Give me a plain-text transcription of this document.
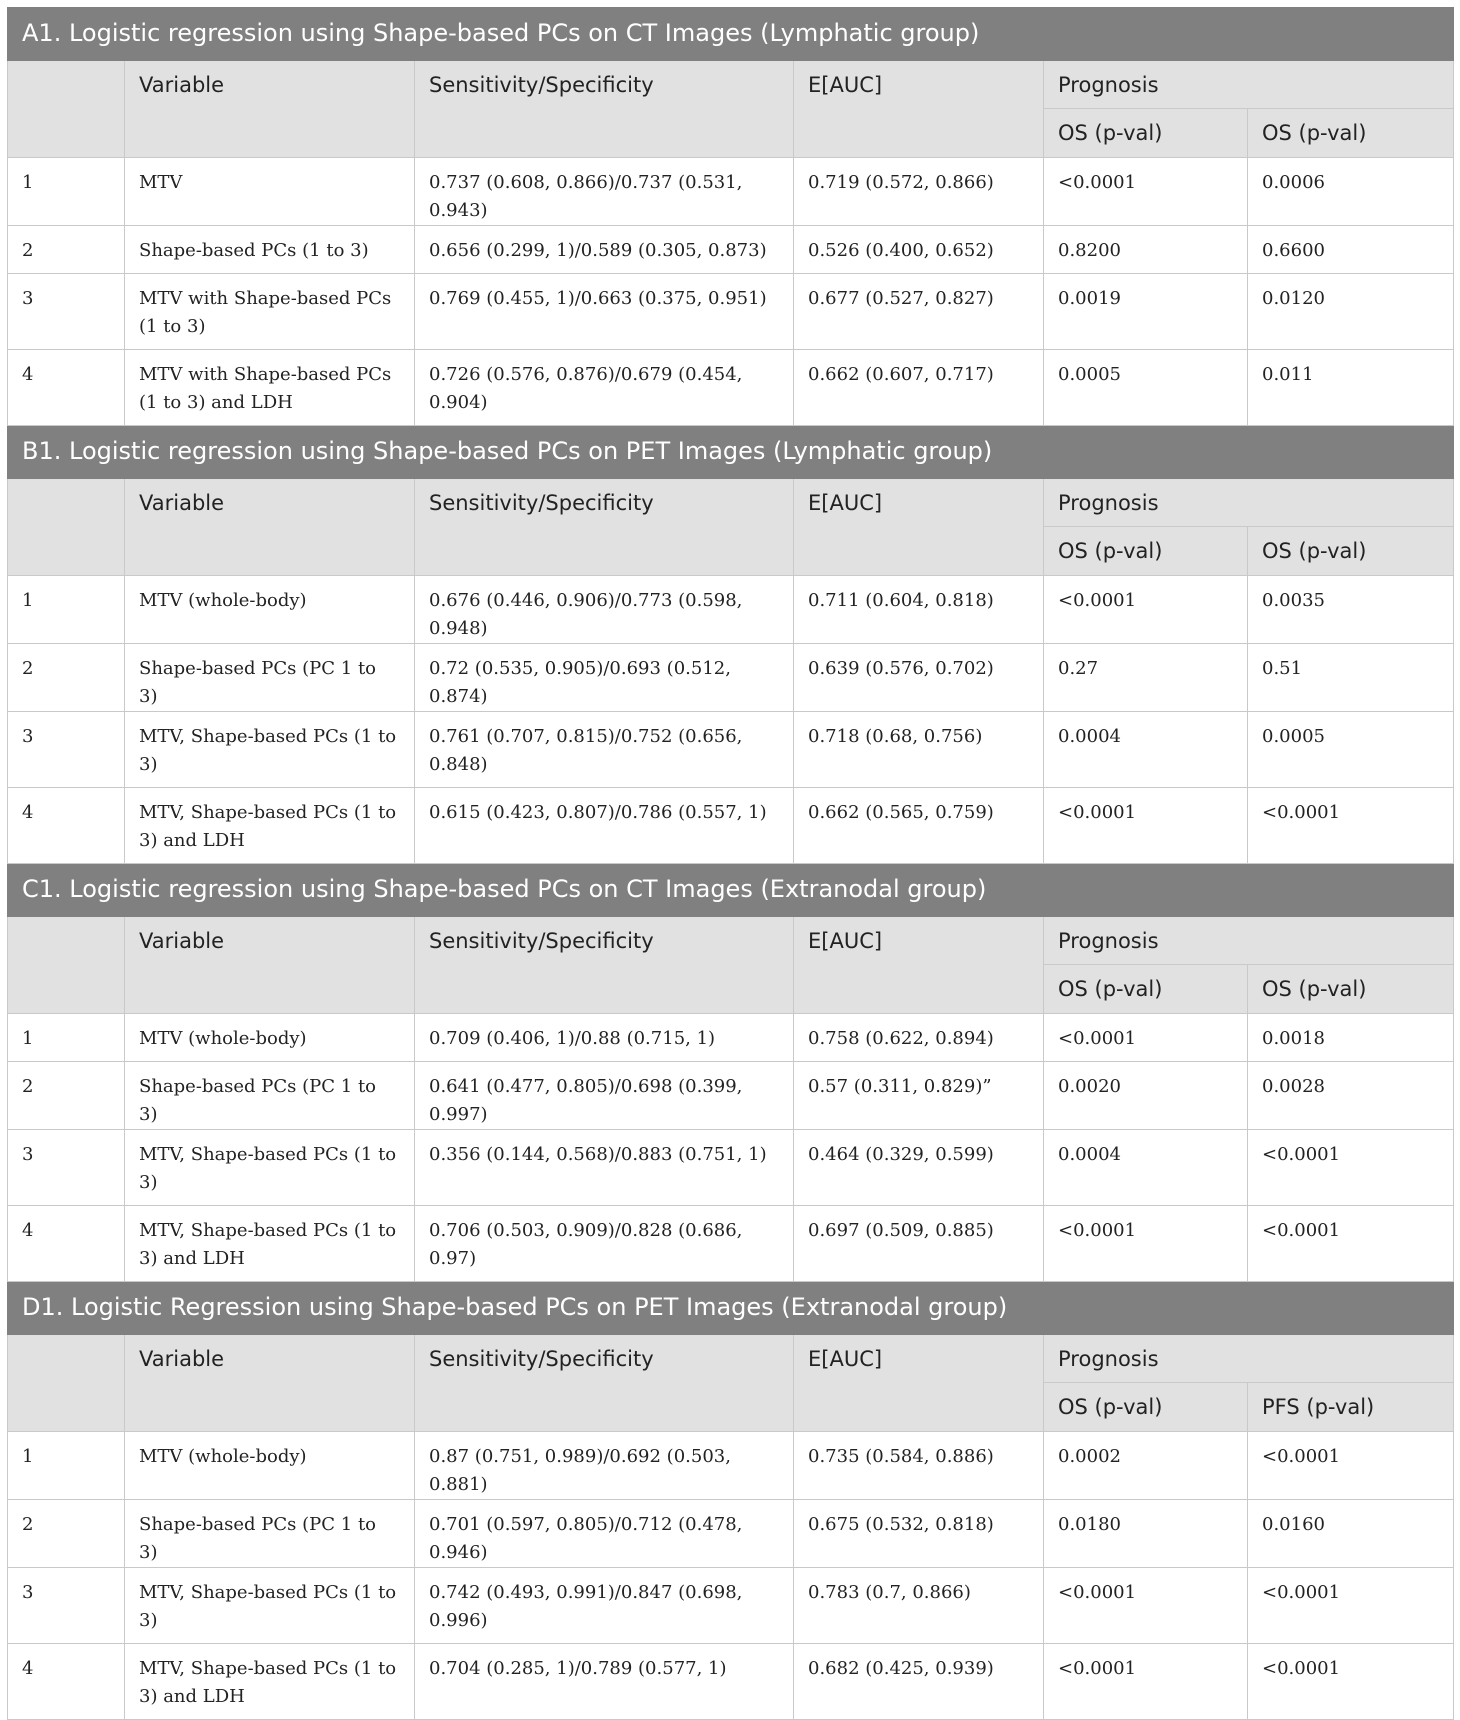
A1. Logistic regression using Shape-based PCs on CT Images (Lymphatic group)					
	Variable	Sensitivity/Specificity	E[AUC]	Prognosis	
				OS (p-val)	OS (p-val)
1	MTV	0.737 (0.608, 0.866)/0.737 (0.531, 0.943)	0.719 (0.572, 0.866)	<0.0001	0.0006
2	Shape-based PCs (1 to 3)	0.656 (0.299, 1)/0.589 (0.305, 0.873)	0.526 (0.400, 0.652)	0.8200	0.6600
3	MTV with Shape-based PCs (1 to 3)	0.769 (0.455, 1)/0.663 (0.375, 0.951)	0.677 (0.527, 0.827)	0.0019	0.0120
4	MTV with Shape-based PCs (1 to 3) and LDH	0.726 (0.576, 0.876)/0.679 (0.454, 0.904)	0.662 (0.607, 0.717)	0.0005	0.011
B1. Logistic regression using Shape-based PCs on PET Images (Lymphatic group)					
	Variable	Sensitivity/Specificity	E[AUC]	Prognosis	
				OS (p-val)	OS (p-val)
1	MTV (whole-body)	0.676 (0.446, 0.906)/0.773 (0.598, 0.948)	0.711 (0.604, 0.818)	<0.0001	0.0035
2	Shape-based PCs (PC 1 to 3)	0.72 (0.535, 0.905)/0.693 (0.512, 0.874)	0.639 (0.576, 0.702)	0.27	0.51
3	MTV, Shape-based PCs (1 to 3)	0.761 (0.707, 0.815)/0.752 (0.656, 0.848)	0.718 (0.68, 0.756)	0.0004	0.0005
4	MTV, Shape-based PCs (1 to 3) and LDH	0.615 (0.423, 0.807)/0.786 (0.557, 1)	0.662 (0.565, 0.759)	<0.0001	<0.0001
C1. Logistic regression using Shape-based PCs on CT Images (Extranodal group)					
	Variable	Sensitivity/Specificity	E[AUC]	Prognosis	
				OS (p-val)	OS (p-val)
1	MTV (whole-body)	0.709 (0.406, 1)/0.88 (0.715, 1)	0.758 (0.622, 0.894)	<0.0001	0.0018
2	Shape-based PCs (PC 1 to 3)	0.641 (0.477, 0.805)/0.698 (0.399, 0.997)	0.57 (0.311, 0.829)”	0.0020	0.0028
3	MTV, Shape-based PCs (1 to 3)	0.356 (0.144, 0.568)/0.883 (0.751, 1)	0.464 (0.329, 0.599)	0.0004	<0.0001
4	MTV, Shape-based PCs (1 to 3) and LDH	0.706 (0.503, 0.909)/0.828 (0.686, 0.97)	0.697 (0.509, 0.885)	<0.0001	<0.0001
D1. Logistic Regression using Shape-based PCs on PET Images (Extranodal group)					
	Variable	Sensitivity/Specificity	E[AUC]	Prognosis	
				OS (p-val)	PFS (p-val)
1	MTV (whole-body)	0.87 (0.751, 0.989)/0.692 (0.503, 0.881)	0.735 (0.584, 0.886)	0.0002	<0.0001
2	Shape-based PCs (PC 1 to 3)	0.701 (0.597, 0.805)/0.712 (0.478, 0.946)	0.675 (0.532, 0.818)	0.0180	0.0160
3	MTV, Shape-based PCs (1 to 3)	0.742 (0.493, 0.991)/0.847 (0.698, 0.996)	0.783 (0.7, 0.866)	<0.0001	<0.0001
4	MTV, Shape-based PCs (1 to 3) and LDH	0.704 (0.285, 1)/0.789 (0.577, 1)	0.682 (0.425, 0.939)	<0.0001	<0.0001
